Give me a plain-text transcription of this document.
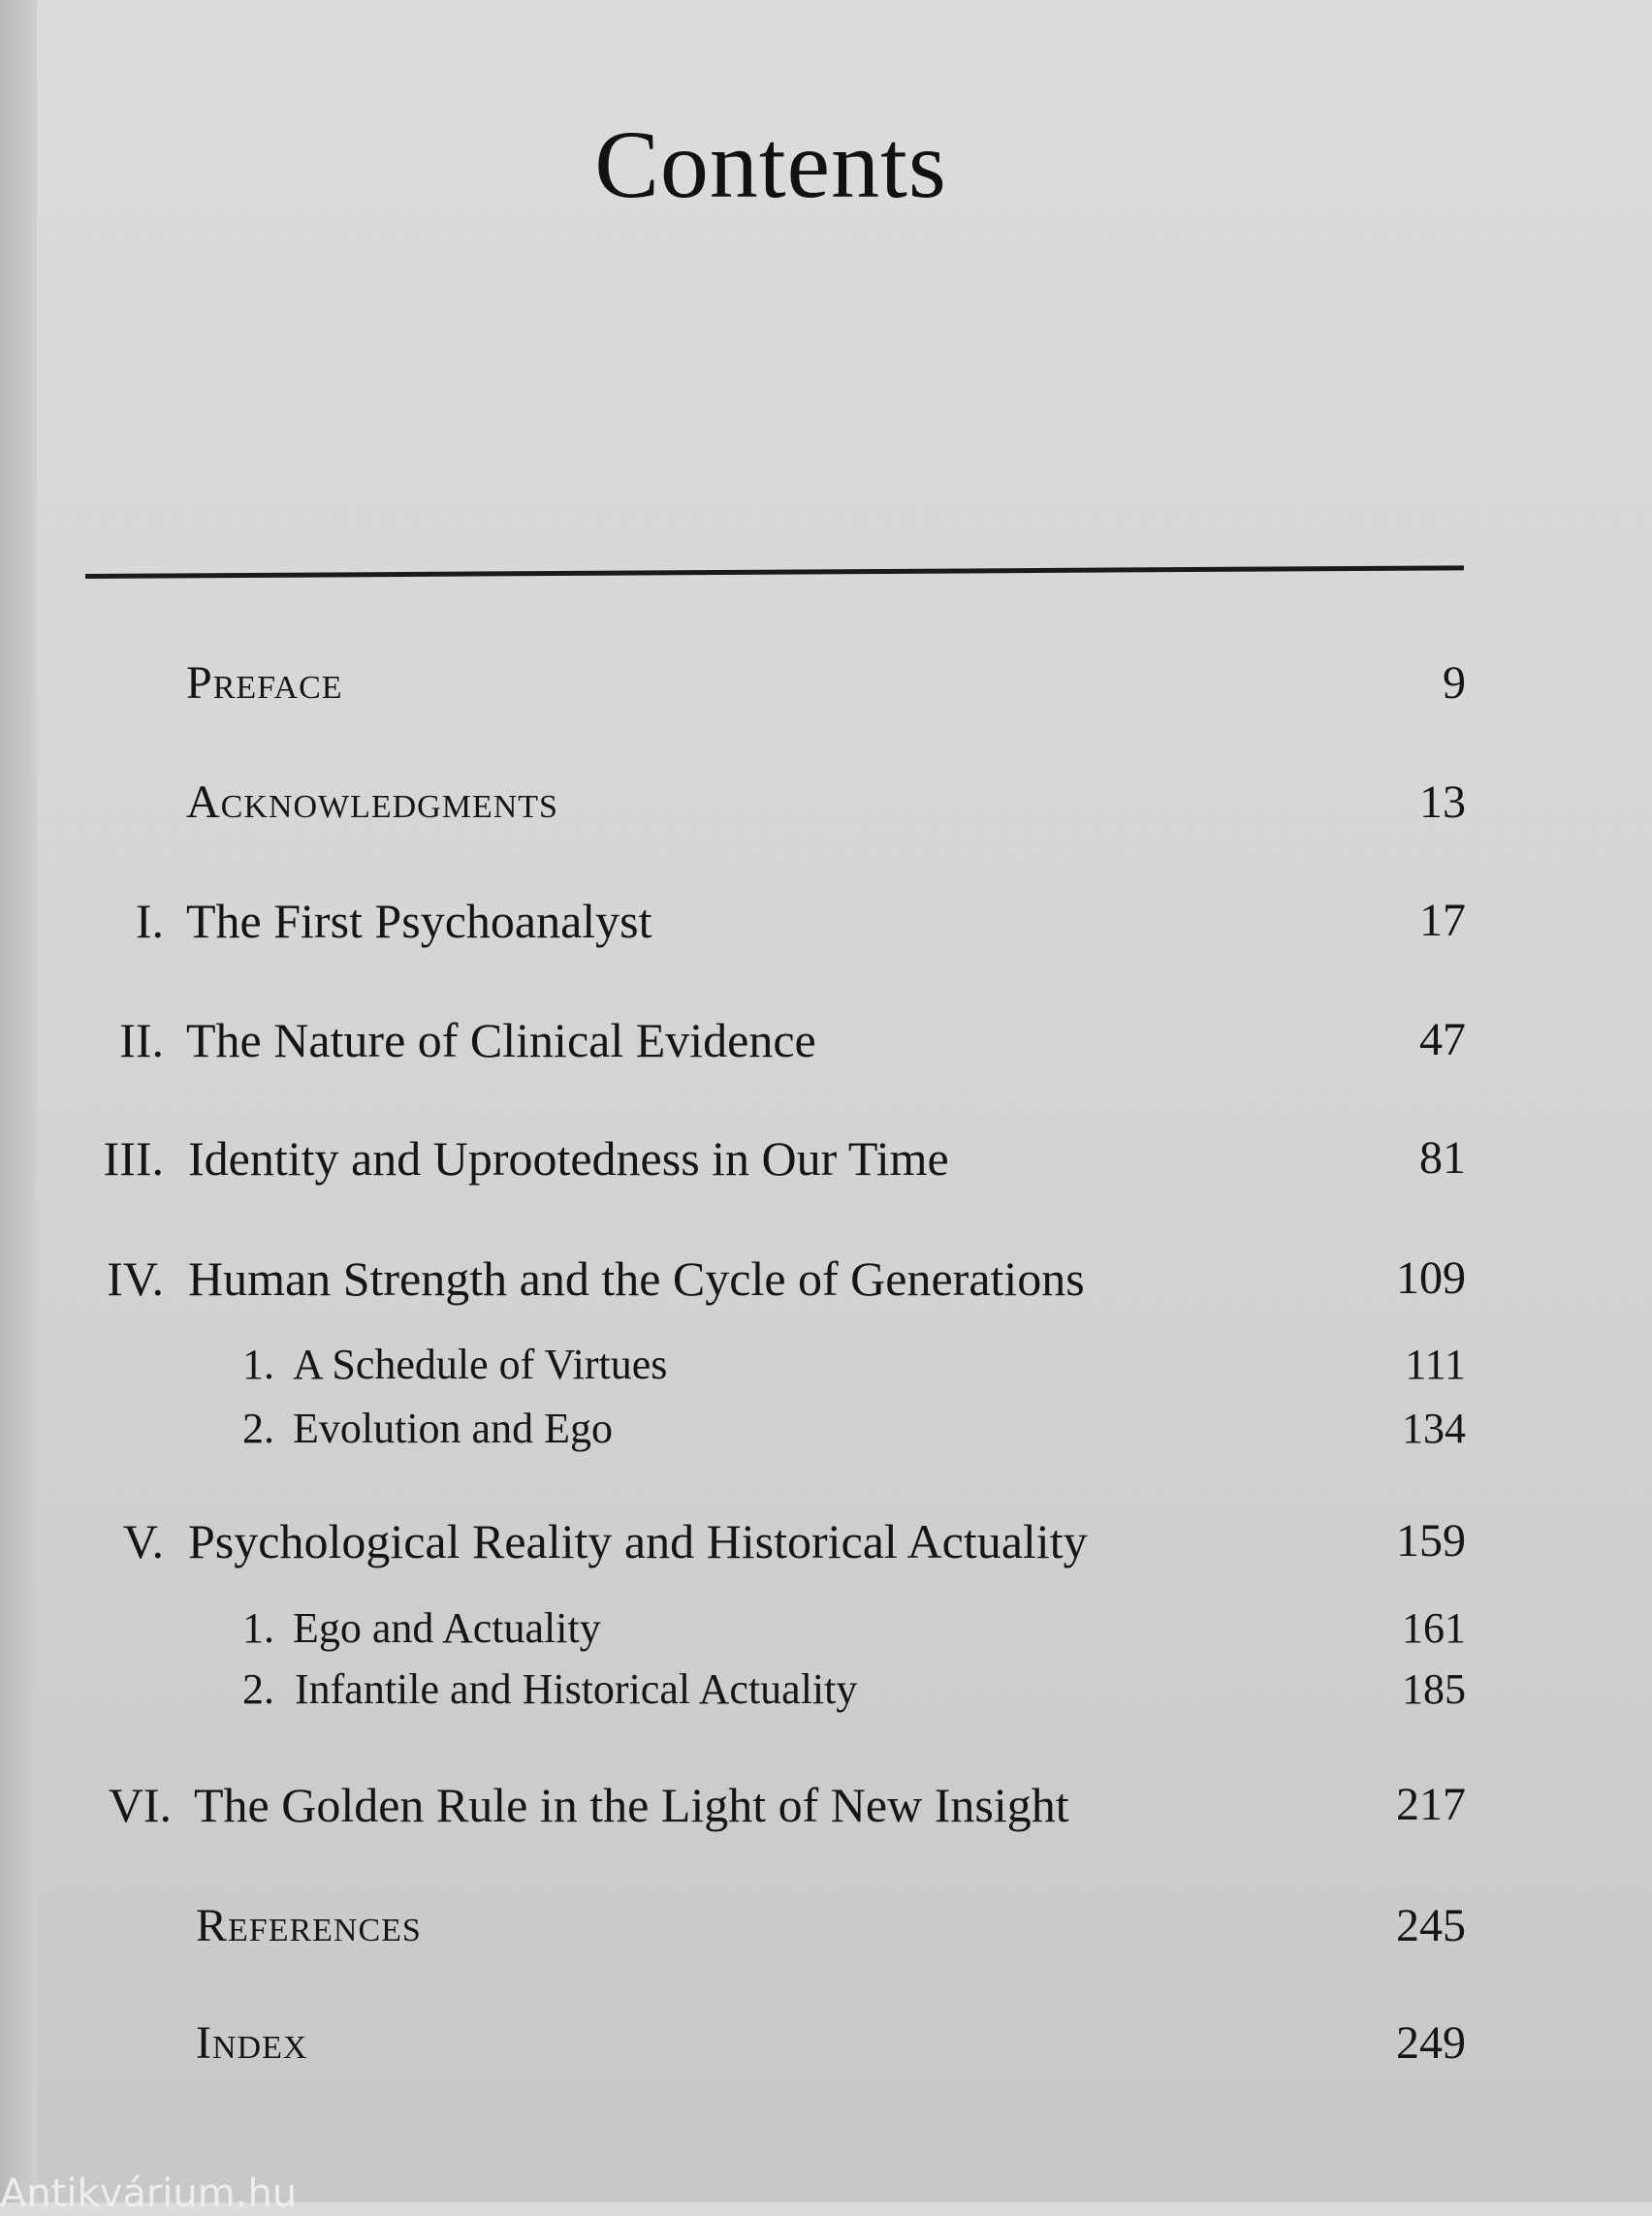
Contents
Preface	9
Acknowledgments	13
I. The First Psychoanalyst	17
II. The Nature of Clinical Evidence	47
III. Identity and Uprootedness in Our Time	81
IV. Human Strength and the Cycle of Generations	109
1. A Schedule of Virtues	111
2. Evolution and Ego	134
V. Psychological Reality and Historical Actuality	159
1. Ego and Actuality	161
2. Infantile and Historical Actuality	185
VI. The Golden Rule in the Light of New Insight	217
References	245
Index	249
Antikvárium.hu
